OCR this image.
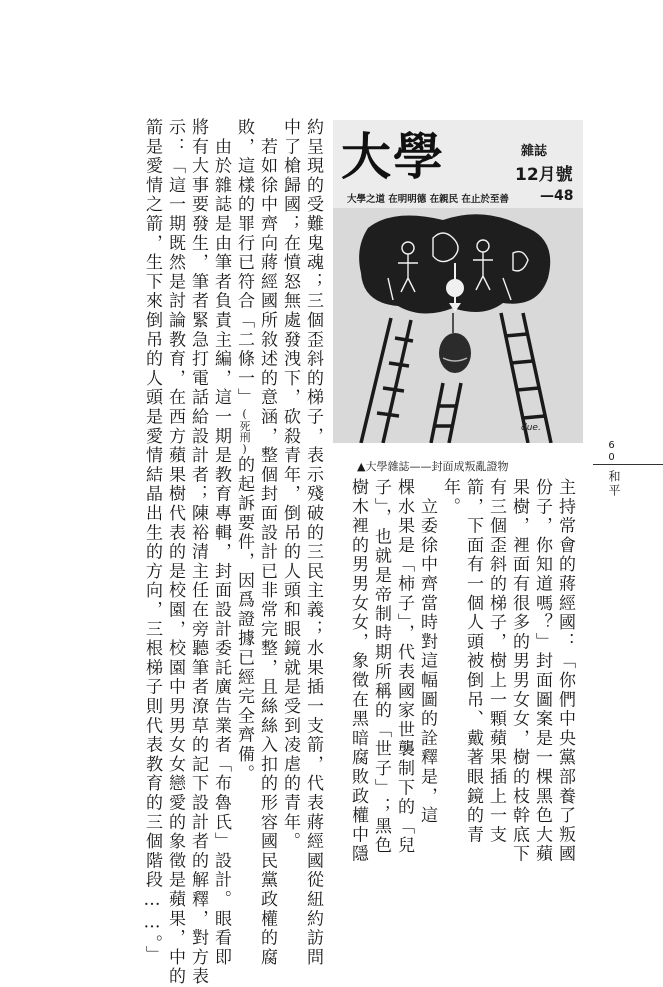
大學	雜誌
12月號
大學之道 在明明德 在親民 在止於至善 —48
due.
▲大學雜誌——封面成叛亂證物
60
和平
主持常會的蔣經國：「你們中央黨部養了叛國
份子，你知道嗎？」封面圖案是一棵黑色大蘋
果樹，裡面有很多的男男女女，樹的枝幹底下
有三個歪斜的梯子，樹上一顆蘋果插上一支
箭，下面有一個人頭被倒吊、戴著眼鏡的青
年。
　立委徐中齊當時對這幅圖的詮釋是，這
棵水果是「柿子」，代表國家世襲制下的「兒
子」，也就是帝制時期所稱的「世子」；黑色
樹木裡的男男女女，象徵在黑暗腐敗政權中隱
約呈現的受難鬼魂；三個歪斜的梯子，表示殘破的三民主義；水果插一支箭，代表蔣經國從紐約訪問
中了槍歸國；在憤怒無處發洩下，砍殺青年，倒吊的人頭和眼鏡就是受到凌虐的青年。
　若如徐中齊向蔣經國所敘述的意涵，整個封面設計已非常完整，且絲絲入扣的形容國民黨政權的腐
敗，這樣的罪行已符合「二條一」(死刑)的起訴要件，因爲證據已經完全齊備。
　由於雜誌是由筆者負責主編，這一期是教育專輯，封面設計委託廣告業者「布魯氏」設計。眼看即
將有大事要發生，筆者緊急打電話給設計者；陳裕清主任在旁聽筆者潦草的記下設計者的解釋，對方表
示：「這一期既然是討論教育，在西方蘋果樹代表的是校園，校園中男男女女戀愛的象徵是蘋果，中的
箭是愛情之箭，生下來倒吊的人頭是愛情結晶出生的方向，三根梯子則代表教育的三個階段……。」
